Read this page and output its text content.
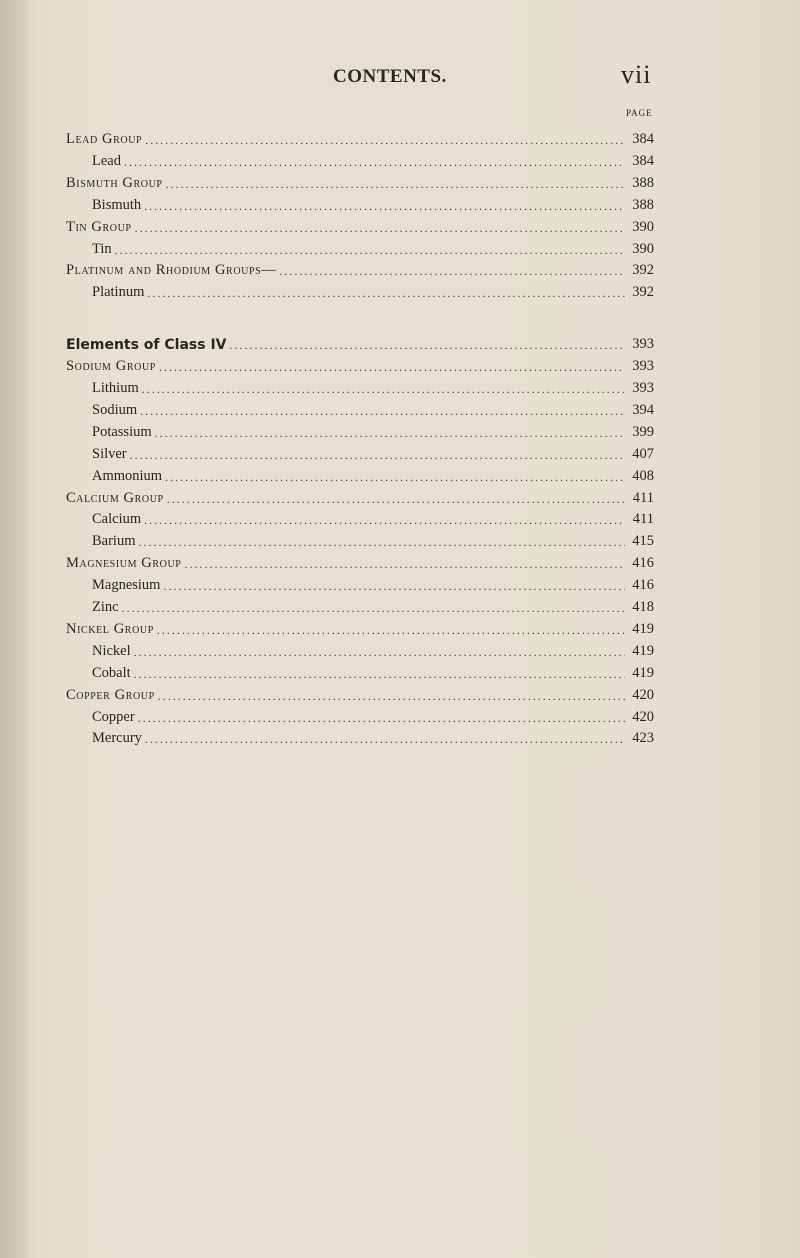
CONTENTS.	vii
PAGE
Lead Group .....	384
Lead .....	384
Bismuth Group .....	388
Bismuth .....	388
Tin Group .....	390
Tin .....	390
Platinum and Rhodium Groups— .....	392
Platinum .....	392
Elements of Class IV .....	393
Sodium Group .....	393
Lithium .....	393
Sodium .....	394
Potassium .....	399
Silver .....	407
Ammonium .....	408
Calcium Group .....	411
Calcium .....	411
Barium .....	415
Magnesium Group .....	416
Magnesium .....	416
Zinc .....	418
Nickel Group .....	419
Nickel .....	419
Cobalt .....	419
Copper Group .....	420
Copper .....	420
Mercury .....	423
